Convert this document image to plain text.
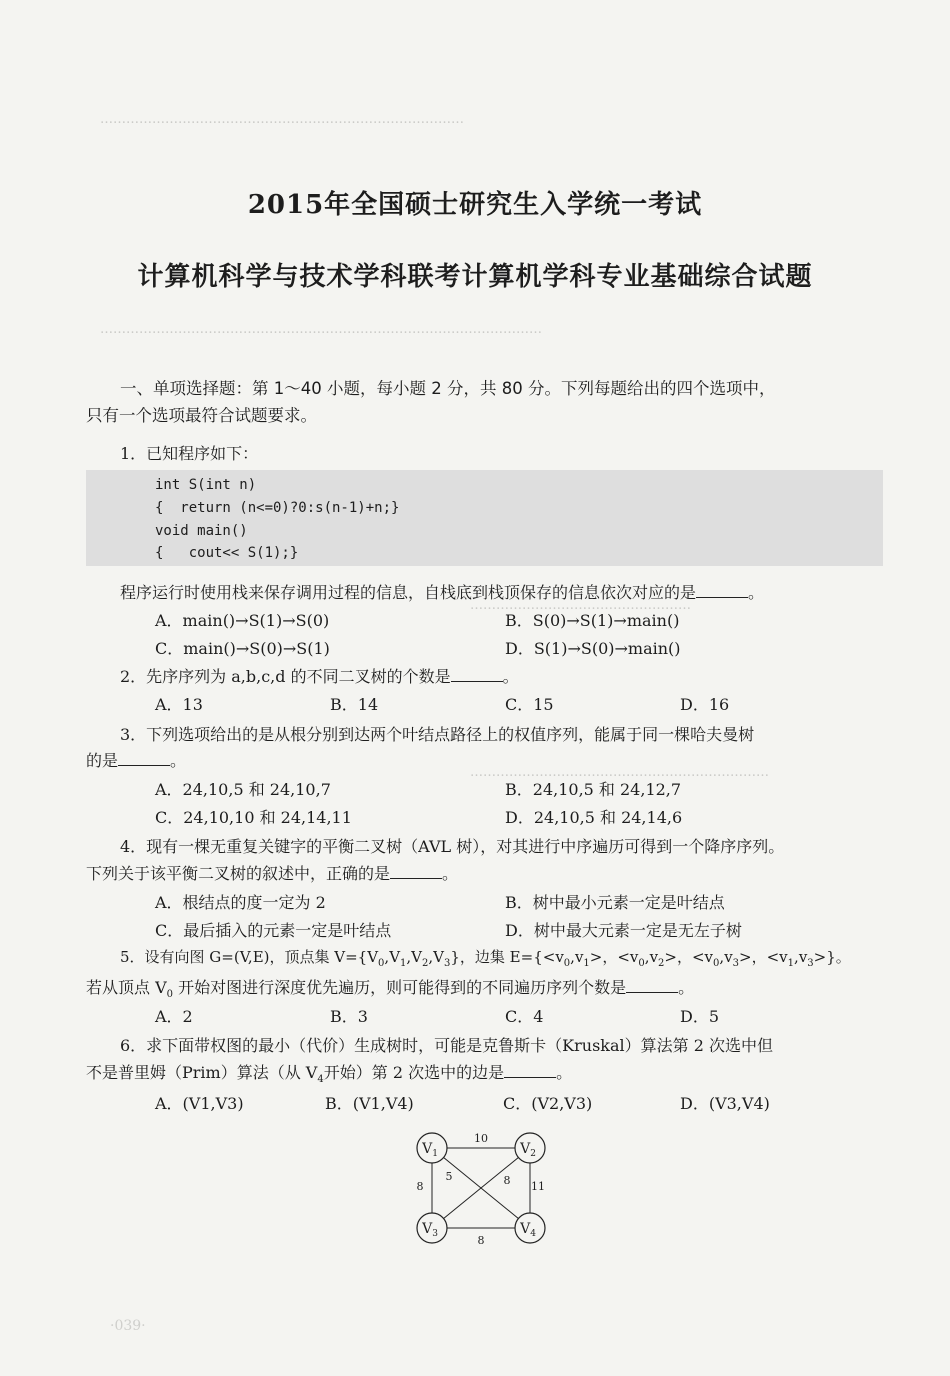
…………………………………………………………………………
…………………………………………………………………………………………
……………………………………………
……………………………………………………………
2015年全国硕士研究生入学统一考试
计算机科学与技术学科联考计算机学科专业基础综合试题
一、单项选择题：第 1～40 小题，每小题 2 分，共 80 分。下列每题给出的四个选项中，
只有一个选项最符合试题要求。
1．已知程序如下：
int S(int n)
{  return (n<=0)?0:s(n-1)+n;}
void main()
{   cout<< S(1);}
程序运行时使用栈来保存调用过程的信息，自栈底到栈顶保存的信息依次对应的是	。
A．main()→S(1)→S(0)	B．S(0)→S(1)→main()
C．main()→S(0)→S(1)	D．S(1)→S(0)→main()
2．先序序列为 a,b,c,d 的不同二叉树的个数是	。
A．13	B．14	C．15	D．16
3．下列选项给出的是从根分别到达两个叶结点路径上的权值序列，能属于同一棵哈夫曼树
的是	。
A．24,10,5 和 24,10,7	B．24,10,5 和 24,12,7
C．24,10,10 和 24,14,11	D．24,10,5 和 24,14,6
4．现有一棵无重复关键字的平衡二叉树（AVL 树），对其进行中序遍历可得到一个降序序列。
下列关于该平衡二叉树的叙述中，正确的是	。
A．根结点的度一定为 2	B．树中最小元素一定是叶结点
C．最后插入的元素一定是叶结点	D．树中最大元素一定是无左子树
5．设有向图 G=(V,E)，顶点集 $V=\{V_0,V_1,V_2,V_3\}$，边集 $E=\{<v_0,v_1>$，$<v_0,v_2>$，$<v_0,v_3>$，$<v_1,v_3>$}。
若从顶点 $V_0$ 开始对图进行深度优先遍历，则可能得到的不同遍历序列个数是	。
A．2	B．3	C．4	D．5
6．求下面带权图的最小（代价）生成树时，可能是克鲁斯卡（Kruskal）算法第 2 次选中但
不是普里姆（Prim）算法（从 $V_4$开始）第 2 次选中的边是	。
A．(V1,V3)	B．(V1,V4)	C．(V2,V3)	D．(V3,V4)
10
8
5	8 11
8
$V_1$	$V_2$
$V_3$	$V_4$
·039·
